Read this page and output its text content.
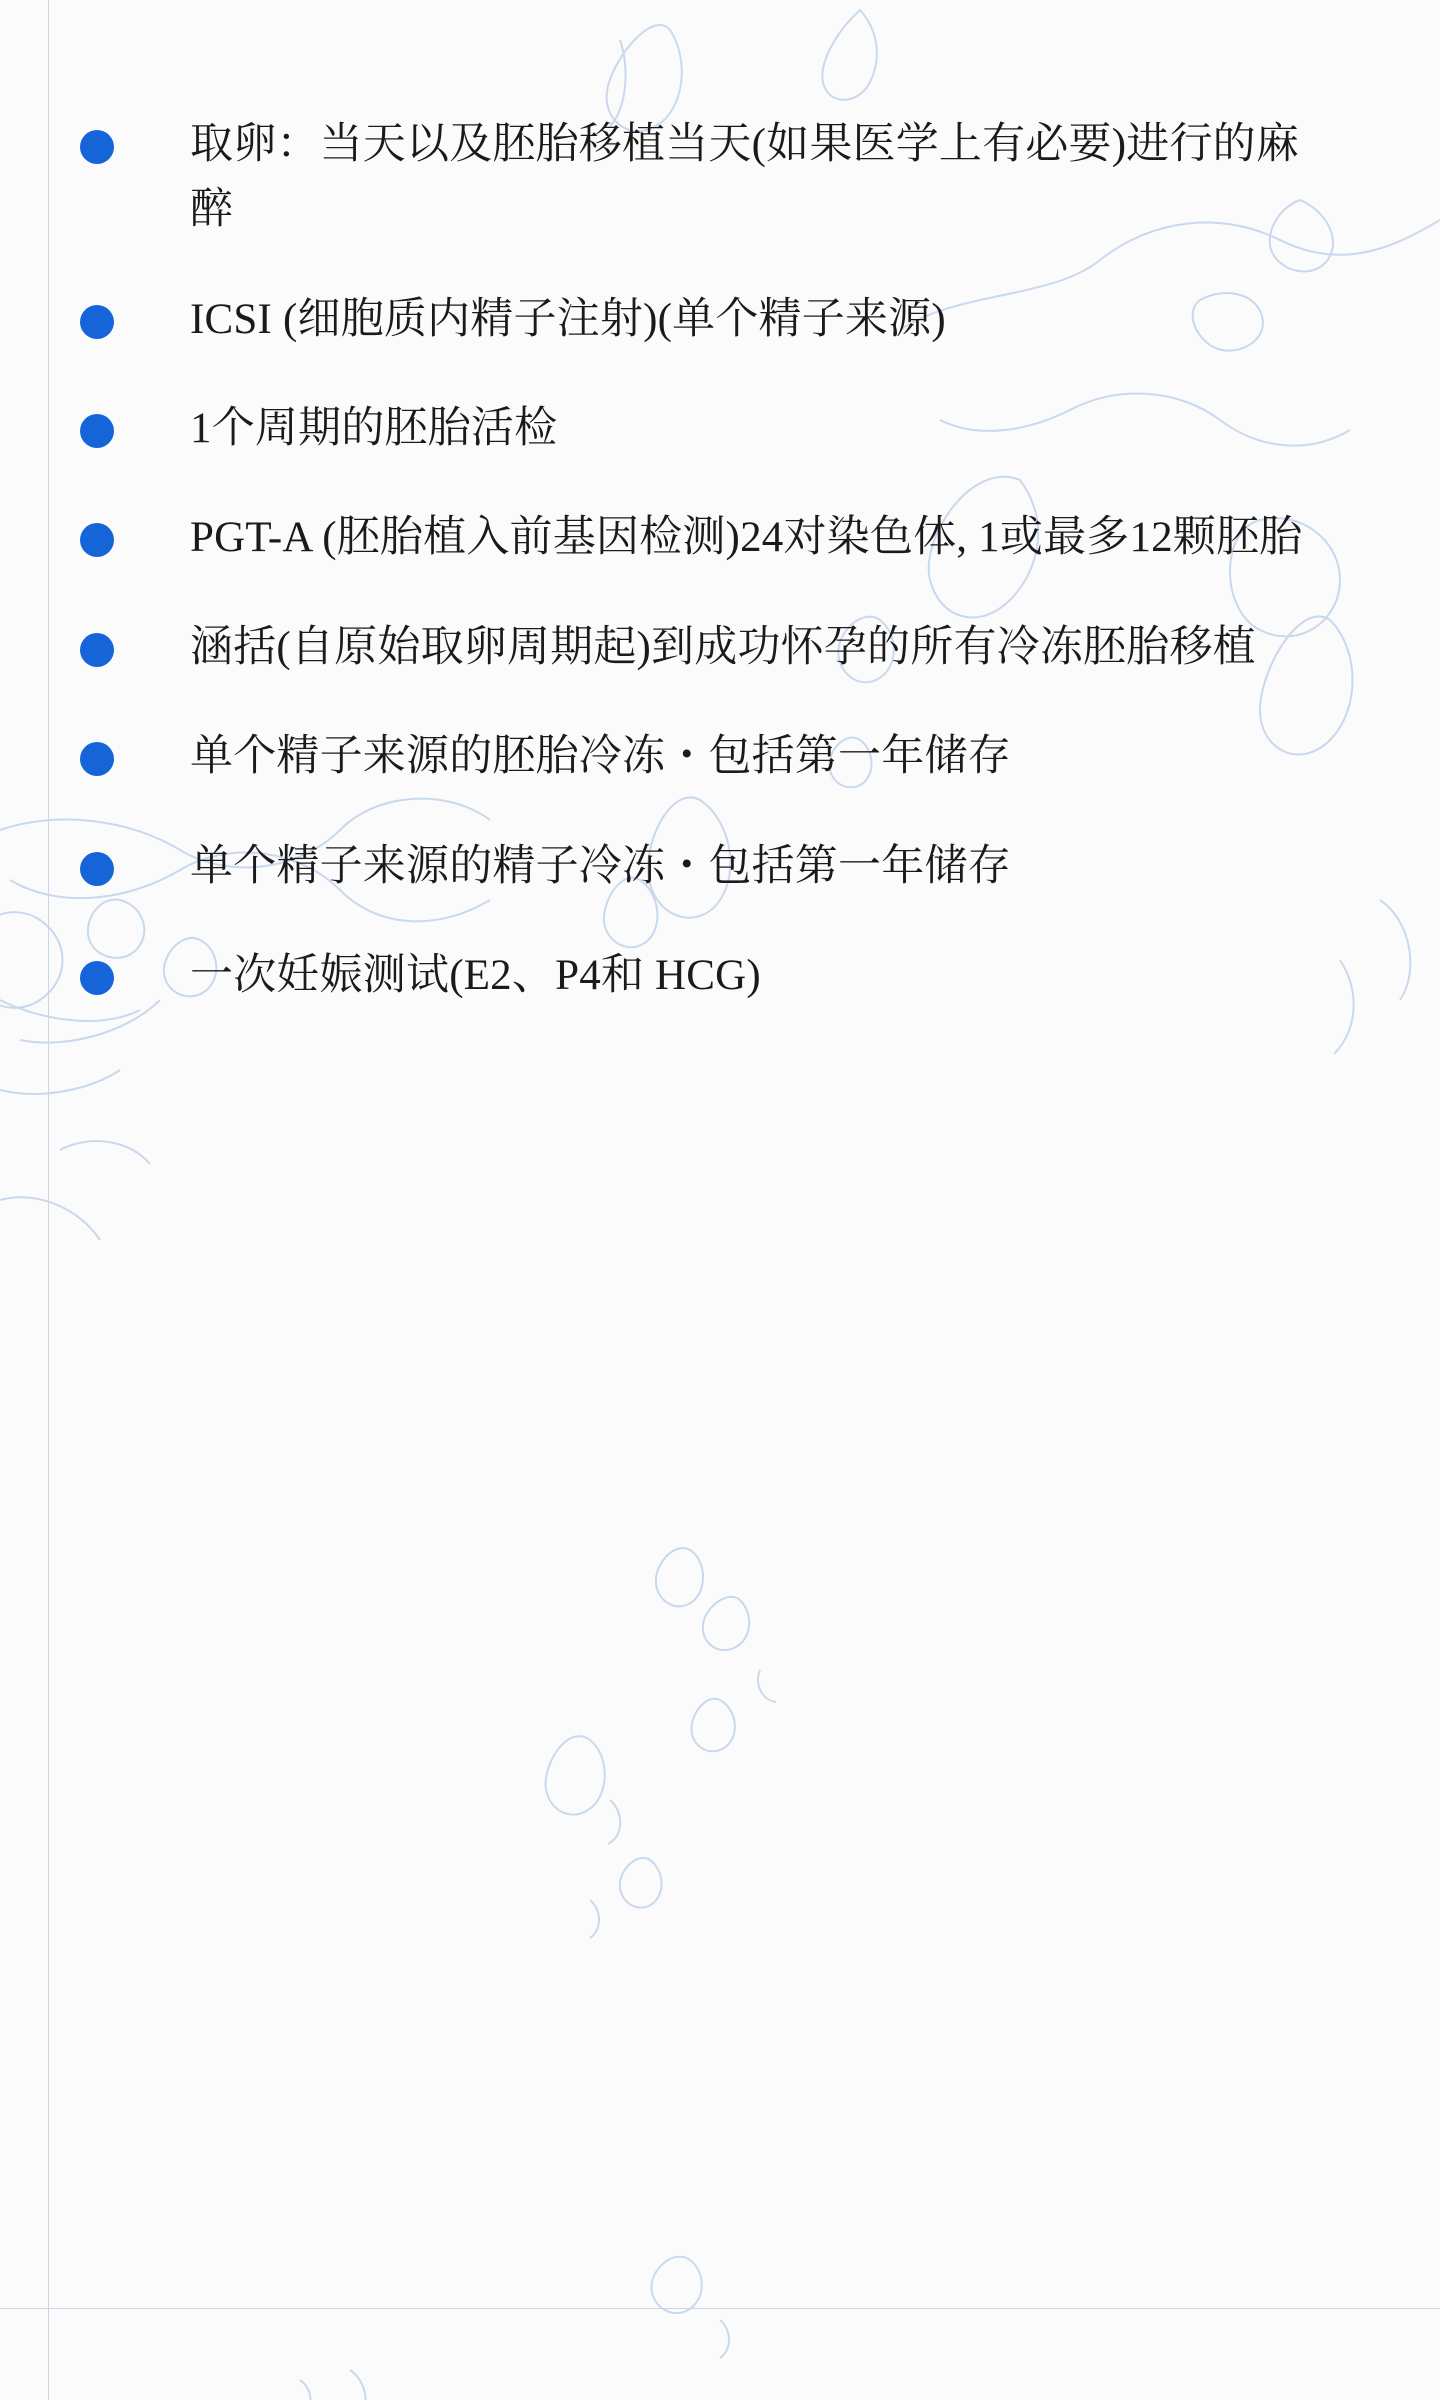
取卵：当天以及胚胎移植当天(如果医学上有必要)进行的麻醉
ICSI (细胞质内精子注射)(单个精子来源)
1个周期的胚胎活检
PGT-A (胚胎植入前基因检测)24对染色体, 1或最多12颗胚胎
涵括(自原始取卵周期起)到成功怀孕的所有冷冻胚胎移植
单个精子来源的胚胎冷冻・包括第一年储存
单个精子来源的精子冷冻・包括第一年储存
一次妊娠测试(E2、P4和 HCG)
